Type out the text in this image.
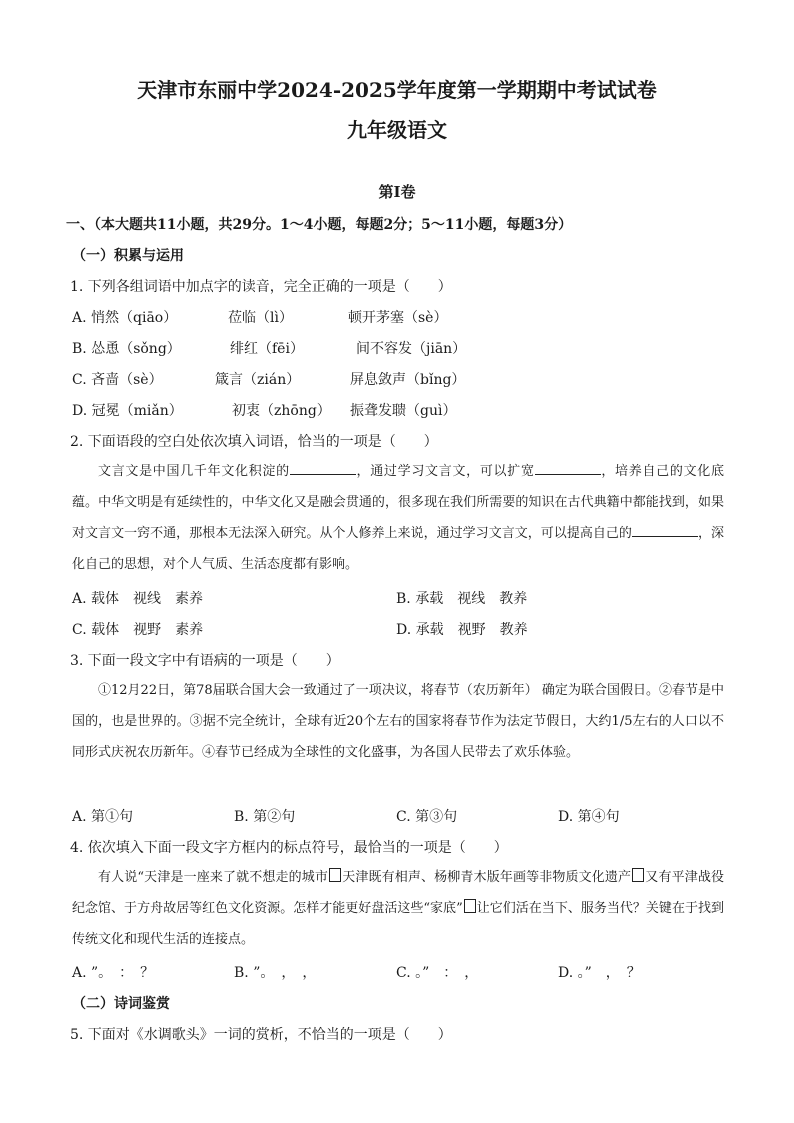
天津市东丽中学2024-2025学年度第一学期期中考试试卷
九年级语文
第Ⅰ卷
一、（本大题共11小题，共29分。1～4小题，每题2分；5～11小题，每题3分）
（一）积累与运用
1. 下列各组词语中加点字的读音，完全正确的一项是（　　）
A. 悄然（qiāo）	莅临（lì）	顿开茅塞（sè）
B. 怂恿（sǒng）	绯红（fēi）	间不容发（jiān）
C. 吝啬（sè）	箴言（zián）	屏息敛声（bǐng）
D. 冠冕（miǎn）	初衷（zhōng） 振聋发聩（guì）
2. 下面语段的空白处依次填入词语，恰当的一项是（　　）
文言文是中国几千年文化积淀的	，通过学习文言文，可以扩宽	，培养自己的文化底蕴。中华文明是有延续性的，中华文化又是融会贯通的，很多现在我们所需要的知识在古代典籍中都能找到，如果对文言文一窍不通，那根本无法深入研究。从个人修养上来说，通过学习文言文，可以提高自己的	，深化自己的思想，对个人气质、生活态度都有影响。
A. 载体　视线　素养	B. 承载　视线　教养
C. 载体　视野　素养	D. 承载　视野　教养
3. 下面一段文字中有语病的一项是（　　）
①12月22日，第78届联合国大会一致通过了一项决议，将春节（农历新年） 确定为联合国假日。②春节是中国的，也是世界的。③据不完全统计，全球有近20个左右的国家将春节作为法定节假日，大约1/5左右的人口以不同形式庆祝农历新年。④春节已经成为全球性的文化盛事，为各国人民带去了欢乐体验。
A. 第①句	B. 第②句	C. 第③句	D. 第④句
4. 依次填入下面一段文字方框内的标点符号，最恰当的一项是（　　）
有人说“天津是一座来了就不想走的城市 天津既有相声、杨柳青木版年画等非物质文化遗产 又有平津战役纪念馆、于方舟故居等红色文化资源。怎样才能更好盘活这些“家底” 让它们活在当下、服务当代？关键在于找到传统文化和现代生活的连接点。
A. ”。　：　？	B. ”。　，　，	C. 。”　：　，	D. 。”　，　？
（二）诗词鉴赏
5. 下面对《水调歌头》一词的赏析，不恰当的一项是（　　）
